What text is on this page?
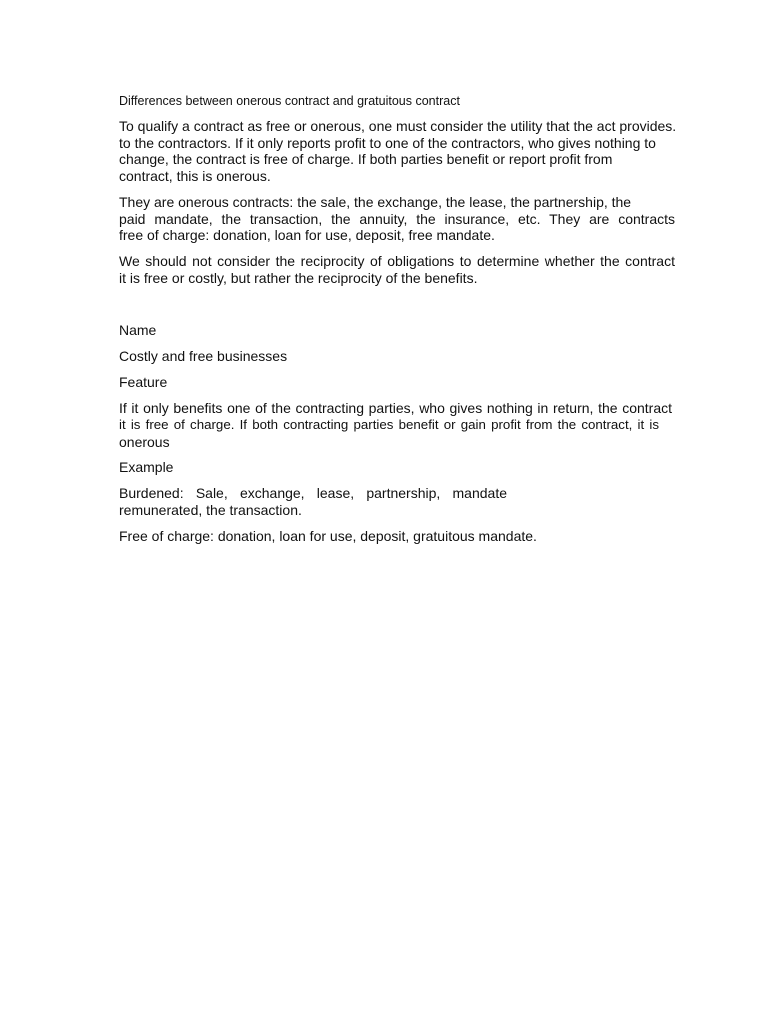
Differences between onerous contract and gratuitous contract
To qualify a contract as free or onerous, one must consider the utility that the act provides.
to the contractors. If it only reports profit to one of the contractors, who gives nothing to
change, the contract is free of charge. If both parties benefit or report profit from
contract, this is onerous.
They are onerous contracts: the sale, the exchange, the lease, the partnership, the
paid mandate, the transaction, the annuity, the insurance, etc. They are contracts
free of charge: donation, loan for use, deposit, free mandate.
We should not consider the reciprocity of obligations to determine whether the contract
it is free or costly, but rather the reciprocity of the benefits.
Name
Costly and free businesses
Feature
If it only benefits one of the contracting parties, who gives nothing in return, the contract
it is free of charge. If both contracting parties benefit or gain profit from the contract, it is
onerous
Example
Burdened: Sale, exchange, lease, partnership, mandate
remunerated, the transaction.
Free of charge: donation, loan for use, deposit, gratuitous mandate.
